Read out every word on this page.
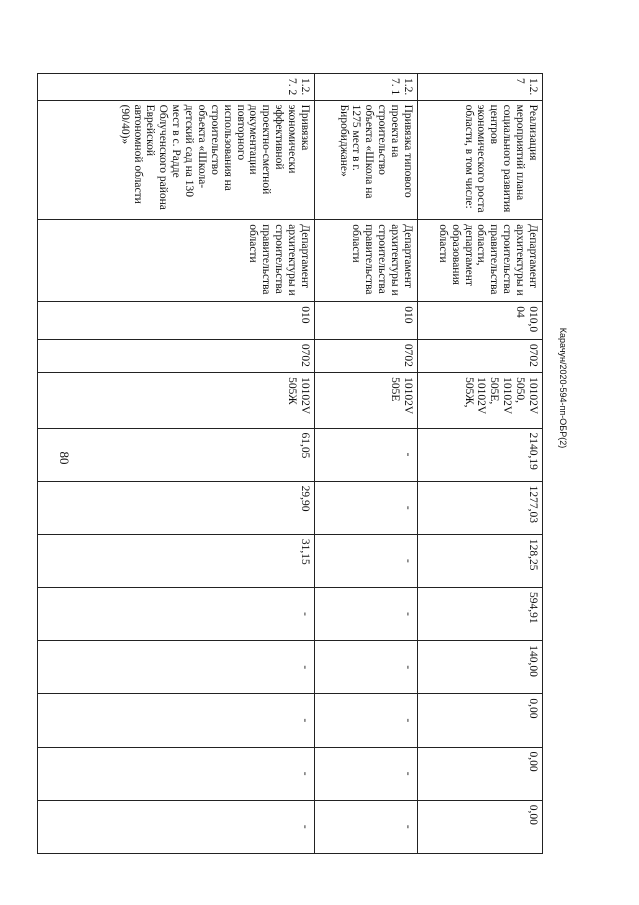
80
Карачун/2020-594-пп-ОБР(2)
1.2.7	Реализация мероприятий плана социального развития центров экономического роста области, в том числе:	Департамент архитектуры и строительства правительства области, департамент образования области	010,0 04	0702	10102V 5050, 10102V 505Е, 10102V 505Ж,	2140,19	1277,03	128,25	594,91	140,00	0,00	0,00	0,00
1.2.7. 1	Привязка типового проекта на строительство объекта «Школа на 1275 мест в г. Биробиджане»	Департамент архитектуры и строительства правительства области	010	0702	10102V 505Е	-	-	-	-	-	-	-	-
1.2.7. 2	Привязка экономически эффективной проектно-сметной документации повторного использования на строительство объекта «Школа-детский сад на 130 мест в с. Радде Облученского района Еврейской автономной области (90/40)»	Департамент архитектуры и строительства правительства области	010	0702	10102V 505Ж	61,05	29,90	31,15	-	-	-	-	-
